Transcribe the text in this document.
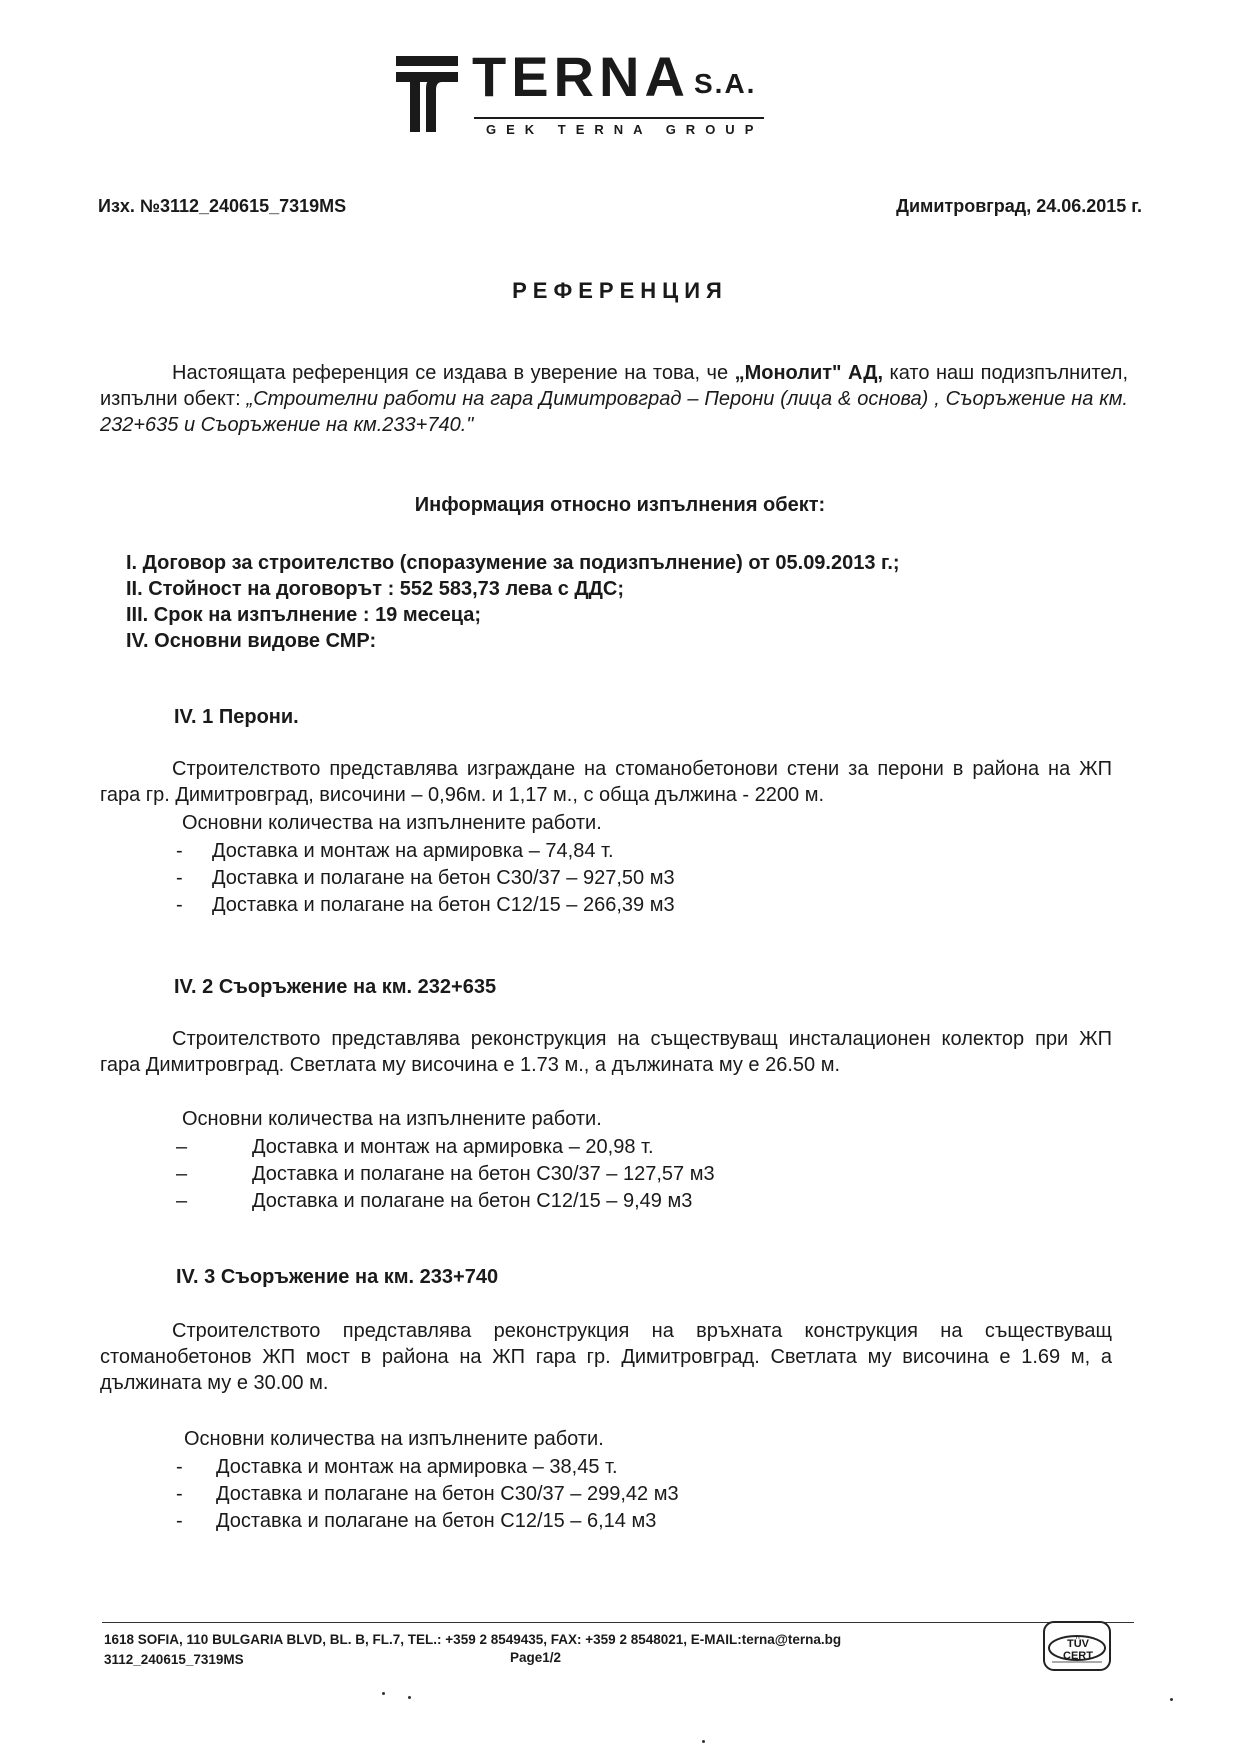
TERNA S.A.
GEK TERNA GROUP
Изх. №3112_240615_7319MS	Димитровград, 24.06.2015 г.
РЕФЕРЕНЦИЯ
Настоящата референция се издава в уверение на това, че „Монолит" АД, като наш подизпълнител, изпълни обект: „Строителни работи на гара Димитровград – Перони (лица & основа) , Съоръжение на км. 232+635 и Съоръжение на км.233+740."
Информация относно изпълнения обект:
I. Договор за строителство (споразумение за подизпълнение) от 05.09.2013 г.;
II. Стойност на договорът : 552 583,73 лева с ДДС;
III. Срок на изпълнение : 19 месеца;
IV. Основни видове СМР:
IV. 1 Перони.
Строителството представлява изграждане на стоманобетонови стени за перони в района на ЖП гара гр. Димитровград, височини – 0,96м. и 1,17 м., с обща дължина - 2200 м.
Основни количества на изпълнените работи.
- Доставка и монтаж на армировка – 74,84 т.
- Доставка и полагане на бетон С30/37 – 927,50 м3
- Доставка и полагане на бетон С12/15 – 266,39 м3
IV. 2 Съоръжение на км. 232+635
Строителството представлява реконструкция на съществуващ инсталационен колектор при ЖП гара Димитровград. Светлата му височина е 1.73 м., а дължината му е 26.50 м.
Основни количества на изпълнените работи.
–	Доставка и монтаж на армировка – 20,98 т.
–	Доставка и полагане на бетон С30/37 – 127,57 м3
–	Доставка и полагане на бетон С12/15 – 9,49 м3
IV. 3 Съоръжение на км. 233+740
Строителството представлява реконструкция на връхната конструкция на съществуващ стоманобетонов ЖП мост в района на ЖП гара гр. Димитровград. Светлата му височина е 1.69 м, а дължината му е 30.00 м.
Основни количества на изпълнените работи.
- Доставка и монтаж на армировка – 38,45 т.
- Доставка и полагане на бетон С30/37 – 299,42 м3
- Доставка и полагане на бетон С12/15 – 6,14 м3
1618 SOFIA, 110 BULGARIA BLVD, BL. B, FL.7, TEL.: +359 2 8549435, FAX: +359 2 8548021, E-MAIL:terna@terna.bg
3112_240615_7319MS	Page1/2
TÜV CERT
